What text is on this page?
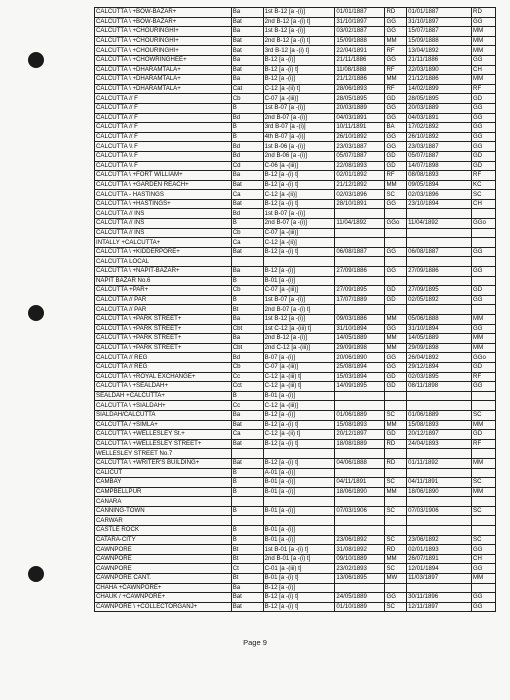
CALCUTTA \ +BOW-BAZAR+	Ba	1st B-12 [a -(i)]	01/01/1887	RD	01/01/1887	RD
CALCUTTA \ +BOW-BAZAR+	Bat	2nd B-12 [a -(i) t]	31/10/1897	GG	31/10/1897	GG
CALCUTTA \ +CHOURINGHI+	Ba	1st B-12 [a -(i)]	03/02/1887	GG	15/07/1887	MM
CALCUTTA \ +CHOURINGHI+	Bat	2nd B-12 [a -(i) t]	15/09/1888	MM	15/09/1888	MM
CALCUTTA \ +CHOURINGHI+	Bat	3rd B-12 [a -(i) t]	22/04/1891	RF	13/04/1892	MM
CALCUTTA \ +CHOWRINGHEE+	Ba	B-12 [a -(i)]	21/11/1886	GG	21/11/1886	GG
CALCUTTA \ +DHARAMTALA+	Bat	B-12 [a -(i) t]	11/08/1888	RF	22/03/1890	CH
CALCUTTA \ +DHARAMTALA+	Ba	B-12 [a -(i)]	21/12/1886	MM	21/12/1886	MM
CALCUTTA \ +DHARAMTALA+	Cat	C-12 [a -(ii) t]	28/06/1893	RF	14/02/1899	RF
CALCUTTA // F	Cb	C-07 [a -(iii)]	28/05/1895	GD	28/05/1895	GD
CALCUTTA // F	B	1st B-07 [a -(i)]	20/03/1889	GG	20/03/1889	GG
CALCUTTA // F	Bd	2nd B-07 [a -(i)]	04/03/1891	GG	04/03/1891	GG
CALCUTTA // F	B	3rd B-07 [a -(i)]	10/11/1891	BA	17/02/1892	GG
CALCUTTA // F	B	4th B-07 [a -(i)]	26/10/1892	GG	26/10/1892	GG
CALCUTTA \\ F	Bd	1st B-06 [a -(i)]	23/03/1887	GG	23/03/1887	GG
CALCUTTA \\ F	Bd	2nd B-06 [a -(i)]	05/07/1887	GD	05/07/1887	GD
CALCUTTA \\ F	Cd	C-06 [a -(iii)]	22/08/1893	GD	14/07/1898	GD
CALCUTTA \ +FORT WILLIAM+	Ba	B-12 [a -(i) t]	02/01/1892	RF	08/08/1893	RF
CALCUTTA \ +GARDEN REACH+	Bat	B-12 [a -(i) t]	21/12/1892	MM	09/05/1894	KC
CALCUTTA - HASTINGS	Ca	C-12 [a -(ii)]	02/03/1896	SC	02/03/1896	SC
CALCUTTA \ +HASTINGS+	Bat	B-12 [a -(i) t]	28/10/1891	GG	23/10/1894	CH
CALCUTTA // INS	Bd	1st B-07 [a -(i)]				
CALCUTTA // INS	B	2nd B-07 [a -(i)]	11/04/1892	GGo	11/04/1892	GGo
CALCUTTA // INS	Cb	C-07 [a -(iii)]				
INTALLY +CALCUTTA+	Ca	C-12 [a -(ii)]				
CALCUTTA \ +KIDDERPORE+	Bat	B-12 [a -(i) t]	06/08/1887	GG	06/08/1887	GG
CALCUTTA LOCAL						
CALCUTTA \ +NAPIT-BAZAR+	Ba	B-12 [a -(i)]	27/09/1886	GG	27/09/1886	GG
NAPIT BAZAR No.6	B	B-01 [a -(i)]				
CALCUTTA +PAR+	Cb	C-07 [a -(iii)]	27/09/1895	GD	27/09/1895	GD
CALCUTTA // PAR	B	1st B-07 [a -(i)]	17/07/1889	GD	02/05/1892	GG
CALCUTTA // PAR	Bt	2nd B-07 [a -(i) t]				
CALCUTTA \ +PARK STREET+	Ba	1st B-12 [a -(i)]	09/03/1886	MM	05/06/1888	MM
CALCUTTA \ +PARK STREET+	Cbt	1st C-12 [a -(iii) t]	31/10/1894	GG	31/10/1894	GG
CALCUTTA \ +PARK STREET+	Ba	2nd B-12 [a -(i)]	14/05/1889	MM	14/05/1889	MM
CALCUTTA \ +PARK STREET+	Cbt	2nd C-12 [a -(iii)]	29/09/1898	MM	29/09/1898	MM
CALCUTTA // REG	Bd	B-07 [a -(i)]	20/06/1890	GG	26/04/1892	GGo
CALCUTTA // REG	Cb	C-07 [a -(iii)]	25/08/1894	GG	29/12/1894	GD
CALCUTTA \ +ROYAL EXCHANGE+	Cc	C-12 [a -(iii) t]	15/03/1894	GD	02/03/1895	RF
CALCUTTA \ +SEALDAH+	Cct	C-12 [a -(iii) t]	14/09/1895	GD	08/11/1898	GG
SEALDAH +CALCUTTA+	B	B-01 [a -(i)]				
CALCUTTA \ +SIALDAH+	Cc	C-12 [a -(iii)]				
SIALDAH/CALCUTTA	Ba	B-12 [a -(i)]	01/06/1889	SC	01/06/1889	SC
CALCUTTA / +SIMLA+	Bat	B-12 [a -(i) t]	15/08/1893	MM	15/08/1893	MM
CALCUTTA \ +WELLESLEY St.+	Ca	C-12 [a -(ii) t]	20/12/1897	GD	20/12/1897	GD
CALCUTTA \ +WELLESLEY STREET+	Bat	B-12 [a -(i) t]	18/08/1889	RD	24/04/1893	RF
WELLESLEY STREET No.7						
CALCUTTA \ +WRITER'S BUILDING+	Bat	B-12 [a -(i) t]	04/06/1888	RD	01/11/1892	MM
CALICUT	B	A-01 [a -(i)]				
CAMBAY	B	B-01 [a -(i)]	04/11/1891	SC	04/11/1891	SC
CAMPBELLPUR	B	B-01 [a -(i)]	18/06/1890	MM	18/06/1890	MM
CANARA						
CANNING-TOWN	B	B-01 [a -(i)]	07/03/1906	SC	07/03/1906	SC
CARWAR						
CASTLE ROCK	B	B-01 [a -(i)]				
CATARA-CITY	B	B-01 [a -(i)]	23/06/1892	SC	23/06/1892	SC
CAWNPORE	Bt	1st B-01 [a -(i) t]	31/08/1892	RD	02/01/1893	GG
CAWNPORE	Bt	2nd B-01 [a -(i) t]	09/10/1889	MM	26/07/1891	CH
CAWNPORE	Ct	C-01 [a -(iii) t]	23/02/1893	SC	12/01/1894	GG
CAWNPORE CANT.	Bt	B-01 [a -(i) t]	13/06/1895	MW	11/03/1897	MM
CHAHA +CAWNPORE+	Ba	B-12 [a -(i)]				
CHAUK / +CAWNPORE+	Bat	B-12 [a -(i) t]	24/05/1889	GG	30/11/1896	GG
CAWNPORE \ +COLLECTORGANJ+	Bat	B-12 [a -(i) t]	01/10/1889	SC	12/11/1897	GG
Page 9
